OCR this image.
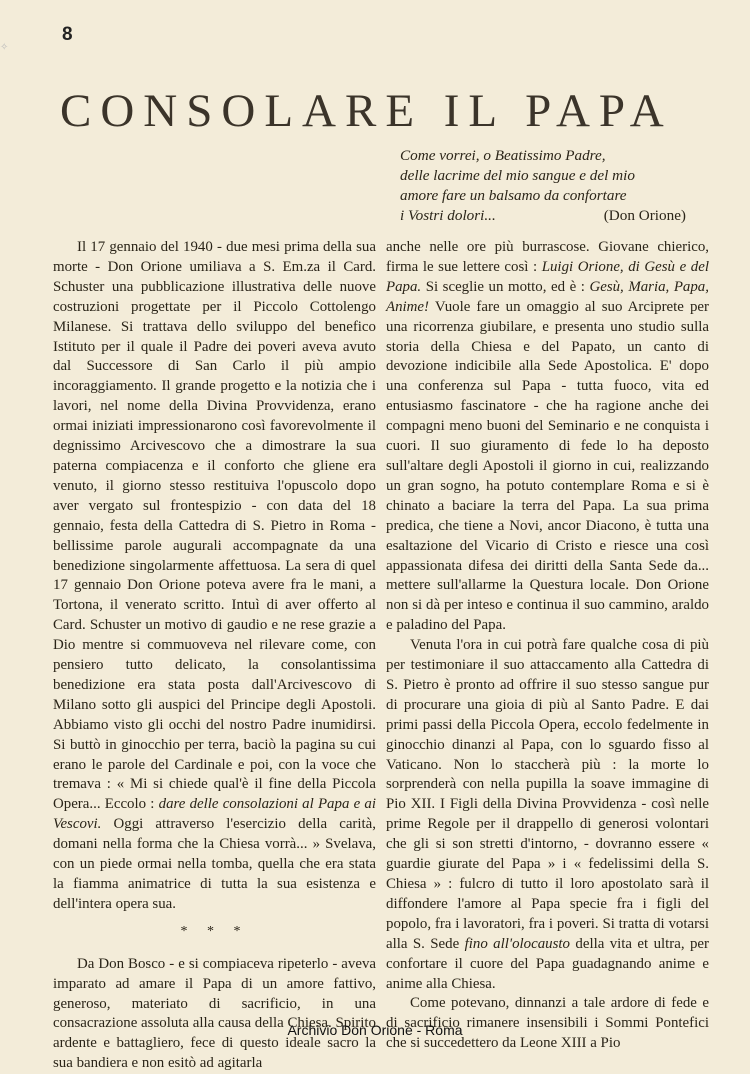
✧
8
CONSOLARE IL PAPA
Come vorrei, o Beatissimo Padre,
delle lacrime del mio sangue e del mio
amore fare un balsamo da confortare
i Vostri dolori...	(Don Orione)

Il 17 gennaio del 1940 - due mesi prima della sua morte - Don Orione umiliava a S. Em.za il Card. Schuster una pubblicazione illustrativa delle nuove costruzioni progettate per il Piccolo Cottolengo Milanese. Si trattava dello sviluppo del benefico Istituto per il quale il Padre dei poveri aveva avuto dal Successore di San Carlo il più ampio incoraggiamento. Il grande progetto e la notizia che i lavori, nel nome della Divina Provvidenza, erano ormai iniziati impressionarono così favorevolmente il degnissimo Arcivescovo che a dimostrare la sua paterna compiacenza e il conforto che gliene era venuto, il giorno stesso restituiva l'opuscolo dopo aver vergato sul frontespizio - con data del 18 gennaio, festa della Cattedra di S. Pietro in Roma - bellissime parole augurali accompagnate da una benedizione singolarmente affettuosa. La sera di quel 17 gennaio Don Orione poteva avere fra le mani, a Tortona, il venerato scritto. Intuì di aver offerto al Card. Schuster un motivo di gaudio e ne rese grazie a Dio mentre si commuoveva nel rilevare come, con pensiero tutto delicato, la consolantissima benedizione era stata posta dall'Arcivescovo di Milano sotto gli auspici del Principe degli Apostoli. Abbiamo visto gli occhi del nostro Padre inumidirsi. Si buttò in ginocchio per terra, baciò la pagina su cui erano le parole del Cardinale e poi, con la voce che tremava : « Mi si chiede qual'è il fine della Piccola Opera... Eccolo : dare delle consolazioni al Papa e ai Vescovi. Oggi attraverso l'esercizio della carità, domani nella forma che la Chiesa vorrà... » Svelava, con un piede ormai nella tomba, quella che era stata la fiamma animatrice di tutta la sua esistenza e dell'intera opera sua.

* * *

Da Don Bosco - e si compiaceva ripeterlo - aveva imparato ad amare il Papa di un amore fattivo, generoso, materiato di sacrificio, in una consacrazione assoluta alla causa della Chiesa. Spirito ardente e battagliero, fece di questo ideale sacro la sua bandiera e non esitò ad agitarla

anche nelle ore più burrascose. Giovane chierico, firma le sue lettere così : Luigi Orione, di Gesù e del Papa. Si sceglie un motto, ed è : Gesù, Maria, Papa, Anime! Vuole fare un omaggio al suo Arciprete per una ricorrenza giubilare, e presenta uno studio sulla storia della Chiesa e del Papato, un canto di devozione indicibile alla Sede Apostolica. E' dopo una conferenza sul Papa - tutta fuoco, vita ed entusiasmo fascinatore - che ha ragione anche dei compagni meno buoni del Seminario e ne conquista i cuori. Il suo giuramento di fede lo ha deposto sull'altare degli Apostoli il giorno in cui, realizzando un gran sogno, ha potuto contemplare Roma e si è chinato a baciare la terra del Papa. La sua prima predica, che tiene a Novi, ancor Diacono, è tutta una esaltazione del Vicario di Cristo e riesce una così appassionata difesa dei diritti della Santa Sede da... mettere sull'allarme la Questura locale. Don Orione non si dà per inteso e continua il suo cammino, araldo e paladino del Papa.

Venuta l'ora in cui potrà fare qualche cosa di più per testimoniare il suo attaccamento alla Cattedra di S. Pietro è pronto ad offrire il suo stesso sangue pur di procurare una gioia di più al Santo Padre. E dai primi passi della Piccola Opera, eccolo fedelmente in ginocchio dinanzi al Papa, con lo sguardo fisso al Vaticano. Non lo staccherà più : la morte lo sorprenderà con nella pupilla la soave immagine di Pio XII. I Figli della Divina Provvidenza - così nelle prime Regole per il drappello di generosi volontari che gli si son stretti d'intorno, - dovranno essere « guardie giurate del Papa » i « fedelissimi della S. Chiesa » : fulcro di tutto il loro apostolato sarà il diffondere l'amore al Papa specie fra i figli del popolo, fra i lavoratori, fra i poveri. Si tratta di votarsi alla S. Sede fino all'olocausto della vita et ultra, per confortare il cuore del Papa guadagnando anime e anime alla Chiesa.

Come potevano, dinnanzi a tale ardore di fede e di sacrificio rimanere insensibili i Sommi Pontefici che si succedettero da Leone XIII a Pio

Archivio Don Orione - Roma
